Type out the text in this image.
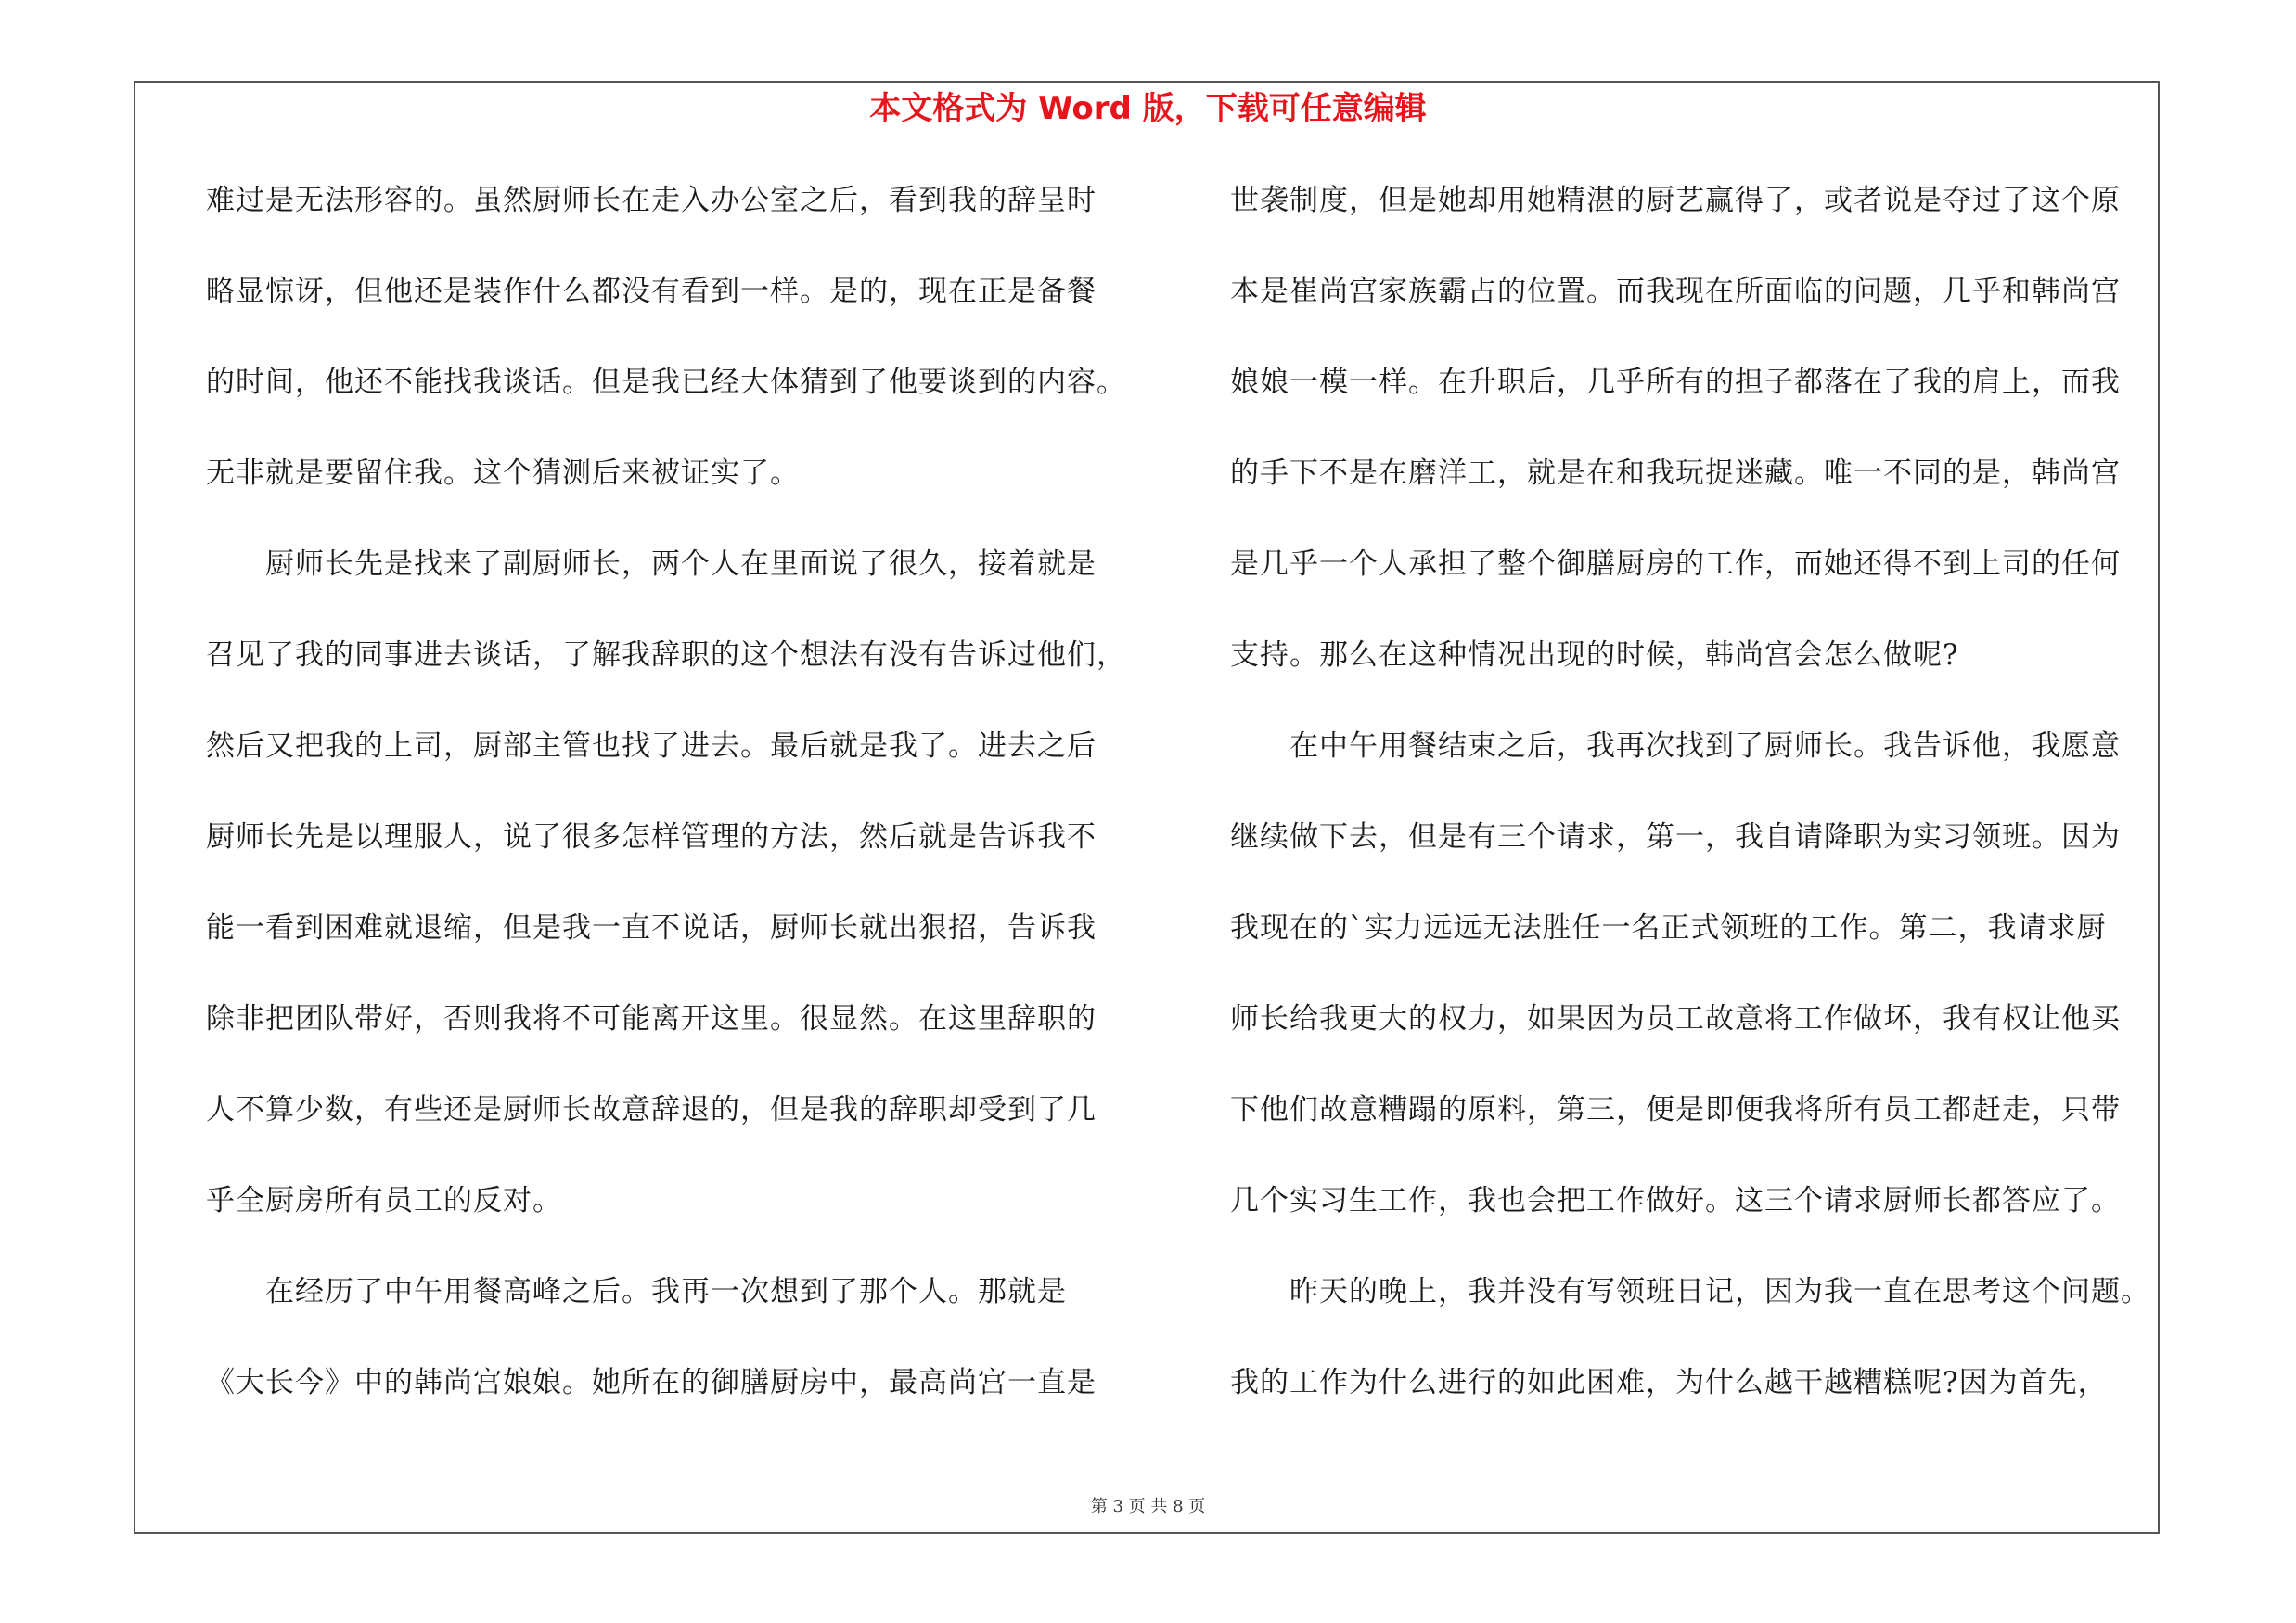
本文格式为 Word 版，下载可任意编辑
难过是无法形容的。虽然厨师长在走入办公室之后，看到我的辞呈时
略显惊讶，但他还是装作什么都没有看到一样。是的，现在正是备餐
的时间，他还不能找我谈话。但是我已经大体猜到了他要谈到的内容。
无非就是要留住我。这个猜测后来被证实了。
　　厨师长先是找来了副厨师长，两个人在里面说了很久，接着就是
召见了我的同事进去谈话，了解我辞职的这个想法有没有告诉过他们，
然后又把我的上司，厨部主管也找了进去。最后就是我了。进去之后
厨师长先是以理服人，说了很多怎样管理的方法，然后就是告诉我不
能一看到困难就退缩，但是我一直不说话，厨师长就出狠招，告诉我
除非把团队带好，否则我将不可能离开这里。很显然。在这里辞职的
人不算少数，有些还是厨师长故意辞退的，但是我的辞职却受到了几
乎全厨房所有员工的反对。
　　在经历了中午用餐高峰之后。我再一次想到了那个人。那就是
《大长今》中的韩尚宫娘娘。她所在的御膳厨房中，最高尚宫一直是
世袭制度，但是她却用她精湛的厨艺赢得了，或者说是夺过了这个原
本是崔尚宫家族霸占的位置。而我现在所面临的问题，几乎和韩尚宫
娘娘一模一样。在升职后，几乎所有的担子都落在了我的肩上，而我
的手下不是在磨洋工，就是在和我玩捉迷藏。唯一不同的是，韩尚宫
是几乎一个人承担了整个御膳厨房的工作，而她还得不到上司的任何
支持。那么在这种情况出现的时候，韩尚宫会怎么做呢?
　　在中午用餐结束之后，我再次找到了厨师长。我告诉他，我愿意
继续做下去，但是有三个请求，第一，我自请降职为实习领班。因为
我现在的`实力远远无法胜任一名正式领班的工作。第二，我请求厨
师长给我更大的权力，如果因为员工故意将工作做坏，我有权让他买
下他们故意糟蹋的原料，第三，便是即便我将所有员工都赶走，只带
几个实习生工作，我也会把工作做好。这三个请求厨师长都答应了。
　　昨天的晚上，我并没有写领班日记，因为我一直在思考这个问题。
我的工作为什么进行的如此困难，为什么越干越糟糕呢?因为首先，
第 3 页 共 8 页
